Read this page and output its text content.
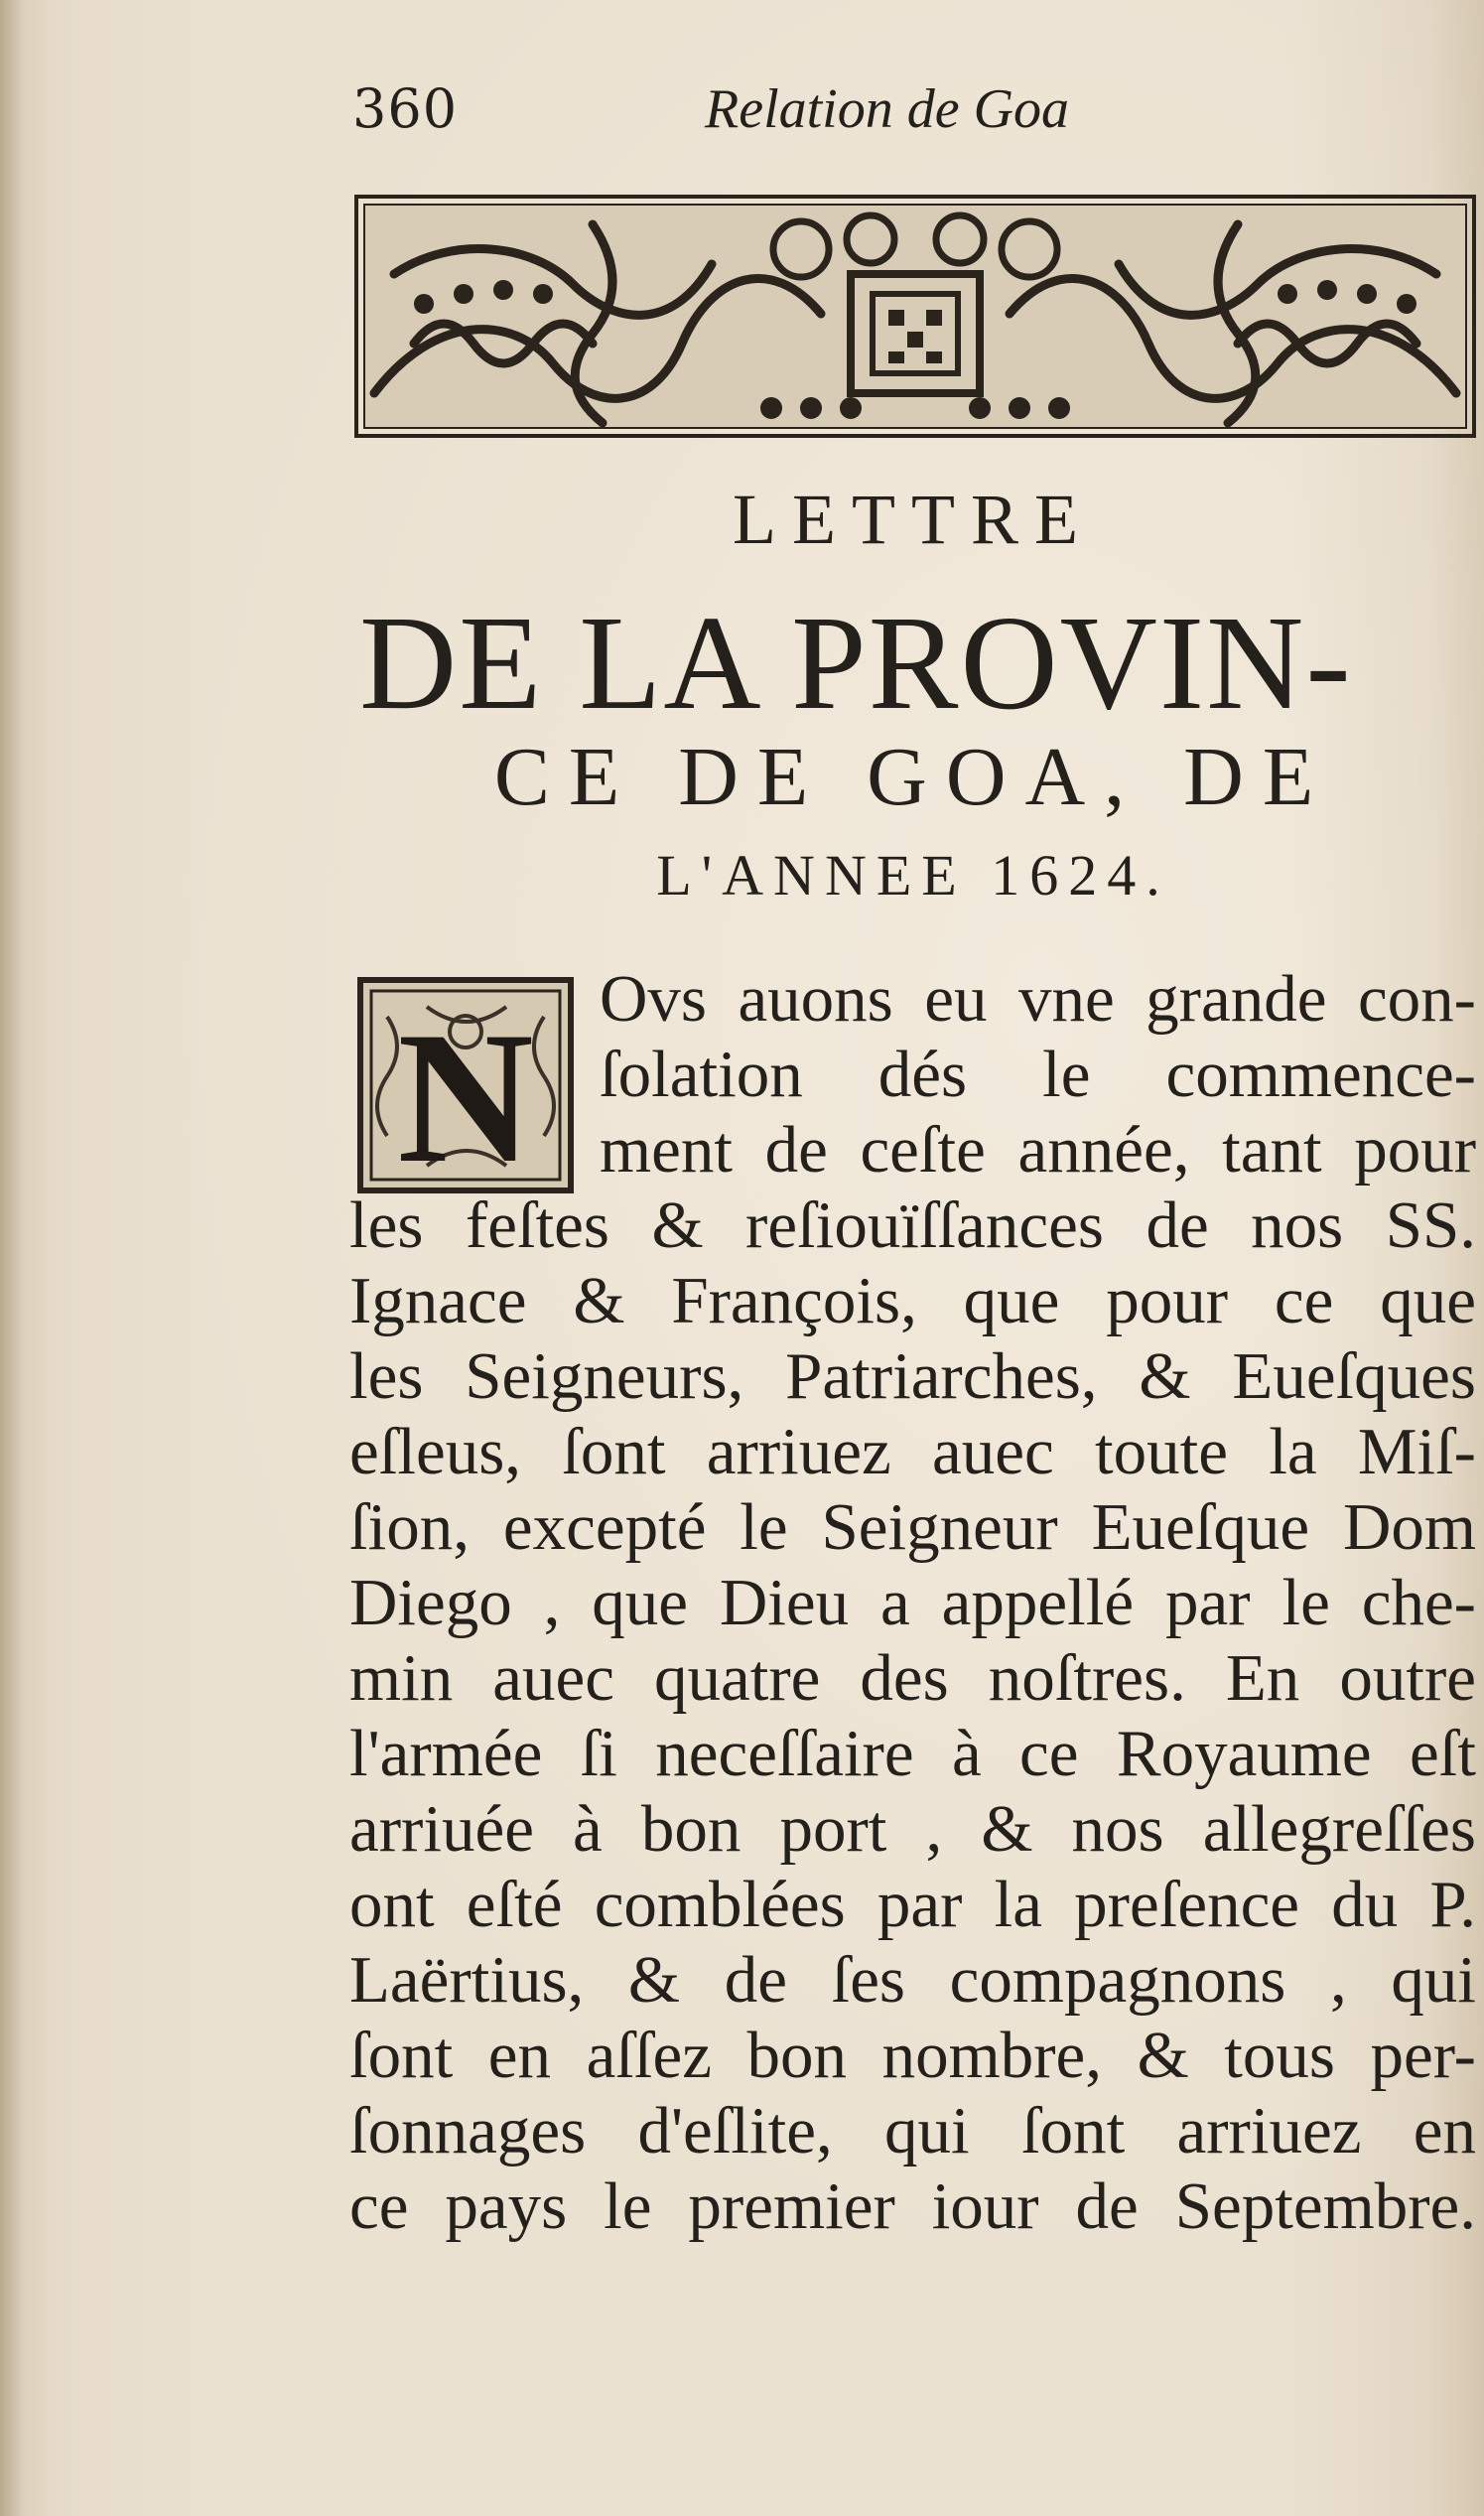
360	Relation de Goa
LETTRE
DE LA PROVIN-
CE DE GOA, DE
L'ANNEE 1624.
N Ovs auons eu vne grande con-
ſolation dés le commence-
ment de ceſte année, tant pour
les feſtes & reſiouïſſances de nos SS.
Ignace & François, que pour ce que
les Seigneurs, Patriarches, & Eueſques
eſleus, ſont arriuez auec toute la Miſ-
ſion, excepté le Seigneur Eueſque Dom
Diego , que Dieu a appellé par le che-
min auec quatre des noſtres. En outre
l'armée ſi neceſſaire à ce Royaume eſt
arriuée à bon port , & nos allegreſſes
ont eſté comblées par la preſence du P.
Laërtius, & de ſes compagnons , qui
ſont en aſſez bon nombre, & tous per-
ſonnages d'eſlite, qui ſont arriuez en
ce pays le premier iour de Septembre.
